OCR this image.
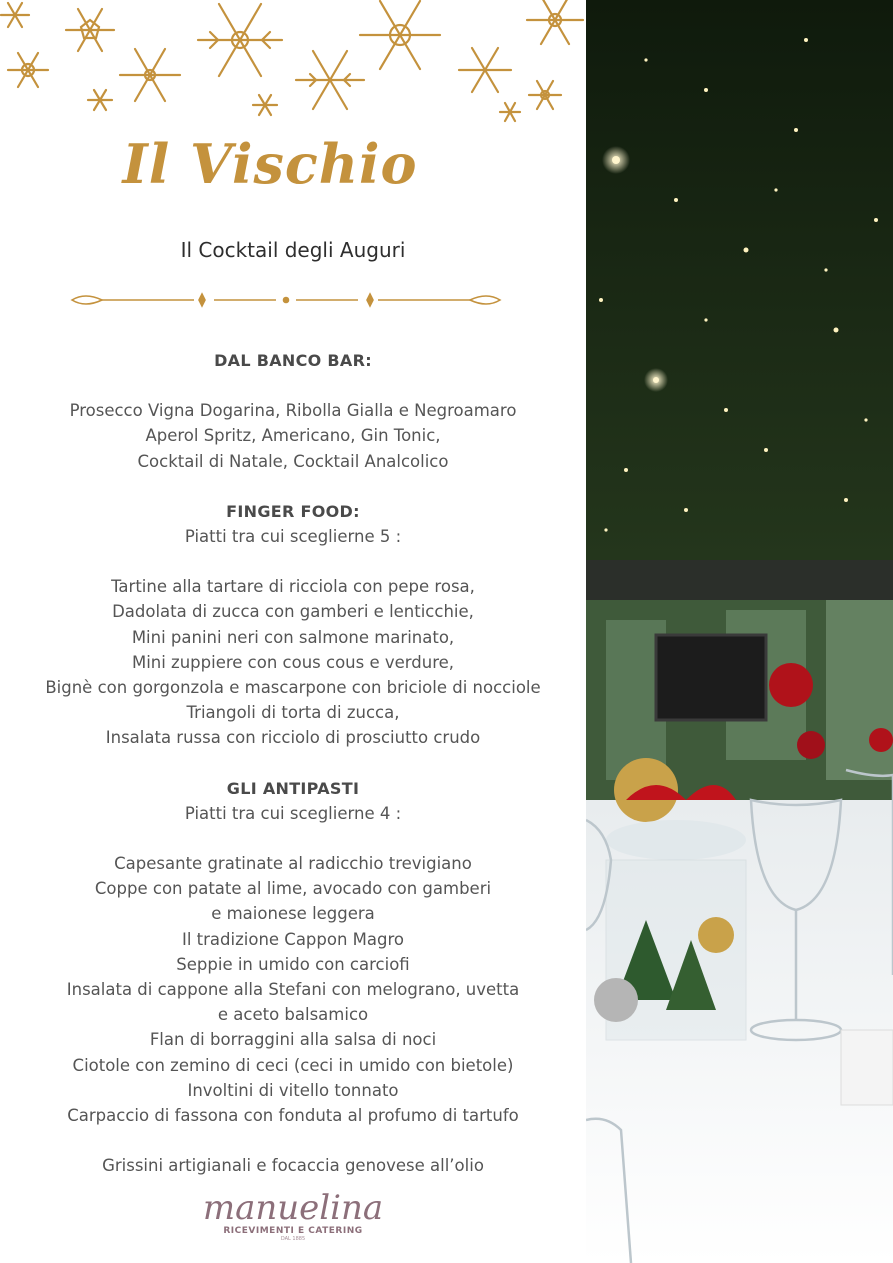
Il Vischio
Il Cocktail degli Auguri
DAL BANCO BAR:
Prosecco Vigna Dogarina, Ribolla Gialla e Negroamaro
Aperol Spritz, Americano, Gin Tonic,
Cocktail di Natale, Cocktail Analcolico
FINGER FOOD:
Piatti tra cui sceglierne 5 :
Tartine alla tartare di ricciola con pepe rosa,
Dadolata di zucca con gamberi e lenticchie,
Mini panini neri con salmone marinato,
Mini zuppiere con cous cous e verdure,
Bignè con gorgonzola e mascarpone con briciole di nocciole
Triangoli di torta di zucca,
Insalata russa con ricciolo di prosciutto crudo
GLI ANTIPASTI
Piatti tra cui sceglierne 4 :
Capesante gratinate al radicchio trevigiano
Coppe con patate al lime, avocado con gamberi
e maionese leggera
Il tradizione Cappon Magro
Seppie in umido con carciofi
Insalata di cappone alla Stefani con melograno, uvetta
e aceto balsamico
Flan di borraggini alla salsa di noci
Ciotole con zemino di ceci (ceci in umido con bietole)
Involtini di vitello tonnato
Carpaccio di fassona con fonduta al profumo di tartufo
Grissini artigianali e focaccia genovese all’olio
manuelina
RICEVIMENTI E CATERING
DAL 1885
